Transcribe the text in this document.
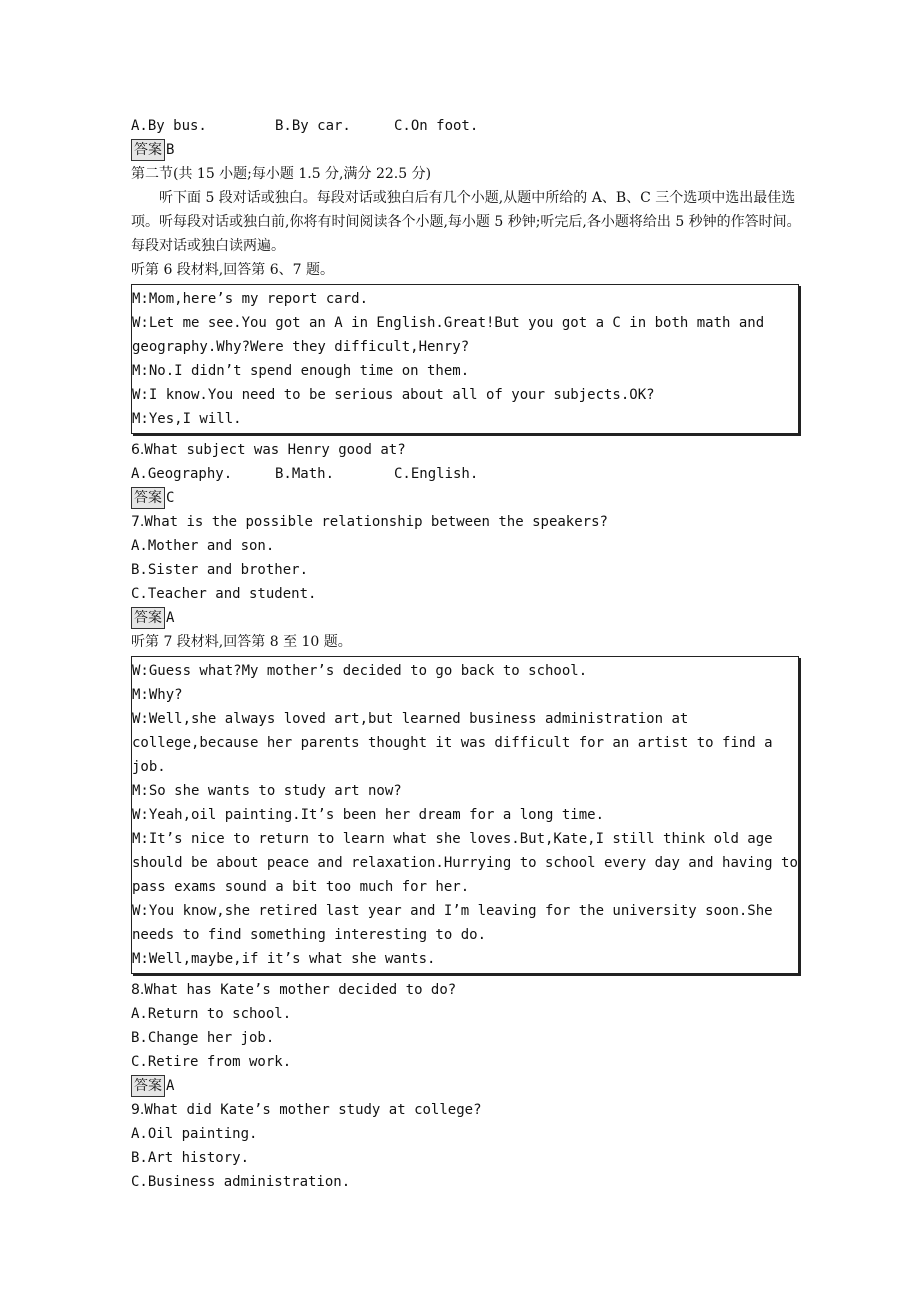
A.By bus.	B.By car.	C.On foot.
答案 B
第二节(共 15 小题;每小题 1.5 分,满分 22.5 分)
听下面 5 段对话或独白。每段对话或独白后有几个小题,从题中所给的 A、B、C 三个选项中选出最佳选项。听每段对话或独白前,你将有时间阅读各个小题,每小题 5 秒钟;听完后,各小题将给出 5 秒钟的作答时间。每段对话或独白读两遍。
听第 6 段材料,回答第 6、7 题。
M:Mom,here’s my report card.
W:Let me see.You got an A in English.Great!But you got a C in both math and geography.Why?Were they difficult,Henry?
M:No.I didn’t spend enough time on them.
W:I know.You need to be serious about all of your subjects.OK?
M:Yes,I will.
6.What subject was Henry good at?
A.Geography.	B.Math.	C.English.
答案 C
7.What is the possible relationship between the speakers?
A.Mother and son.
B.Sister and brother.
C.Teacher and student.
答案 A
听第 7 段材料,回答第 8 至 10 题。
W:Guess what?My mother’s decided to go back to school.
M:Why?
W:Well,she always loved art,but learned business administration at college,because her parents thought it was difficult for an artist to find a job.
M:So she wants to study art now?
W:Yeah,oil painting.It’s been her dream for a long time.
M:It’s nice to return to learn what she loves.But,Kate,I still think old age should be about peace and relaxation.Hurrying to school every day and having to pass exams sound a bit too much for her.
W:You know,she retired last year and I’m leaving for the university soon.She needs to find something interesting to do.
M:Well,maybe,if it’s what she wants.
8.What has Kate’s mother decided to do?
A.Return to school.
B.Change her job.
C.Retire from work.
答案 A
9.What did Kate’s mother study at college?
A.Oil painting.
B.Art history.
C.Business administration.
